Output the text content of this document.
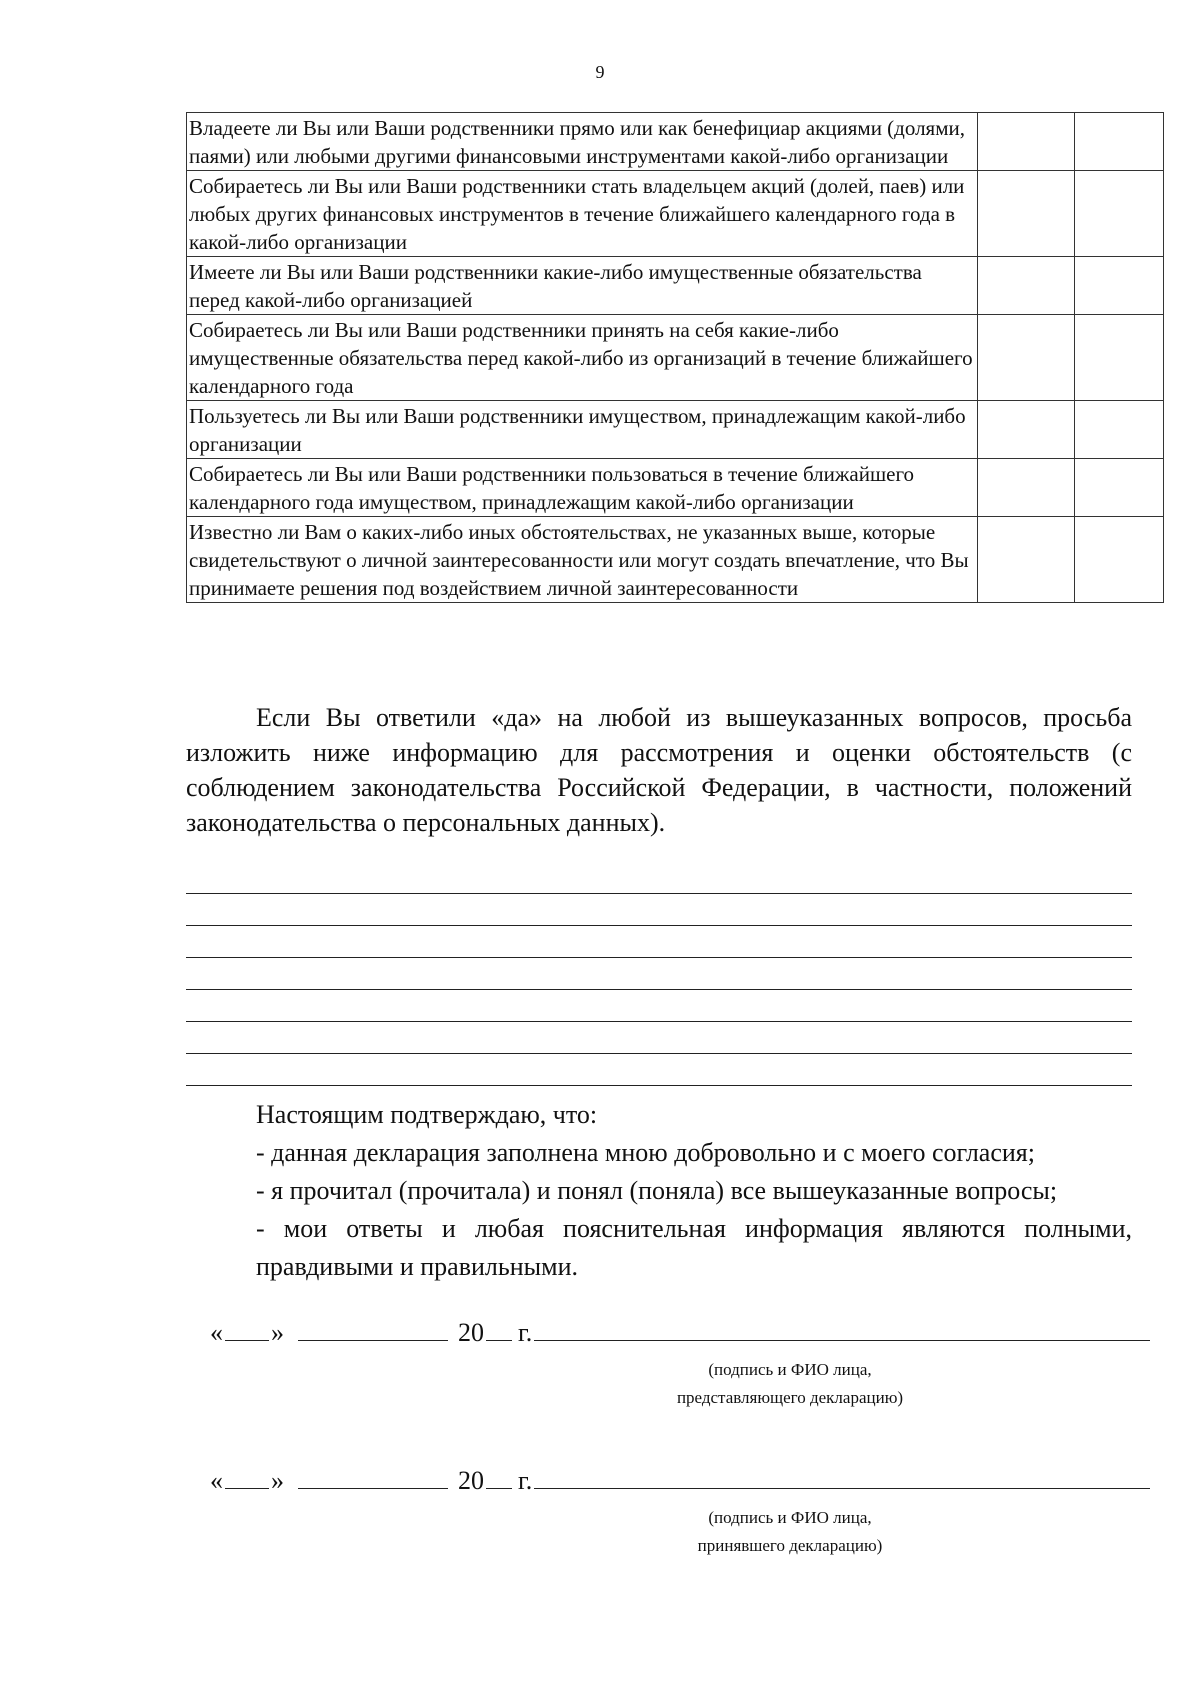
9
Владеете ли Вы или Ваши родственники прямо или как бенефициар акциями (долями, паями) или любыми другими финансовыми инструментами какой-либо организации		
Собираетесь ли Вы или Ваши родственники стать владельцем акций (долей, паев) или любых других финансовых инструментов в течение ближайшего календарного года в какой-либо организации		
Имеете ли Вы или Ваши родственники какие-либо имущественные обязательства перед какой-либо организацией		
Собираетесь ли Вы или Ваши родственники принять на себя какие-либо имущественные обязательства перед какой-либо из организаций в течение ближайшего календарного года		
Пользуетесь ли Вы или Ваши родственники имуществом, принадлежащим какой-либо организации		
Собираетесь ли Вы или Ваши родственники пользоваться в течение ближайшего календарного года имуществом, принадлежащим какой-либо организации		
Известно ли Вам о каких-либо иных обстоятельствах, не указанных выше, которые свидетельствуют о личной заинтересованности или могут создать впечатление, что Вы принимаете решения под воздействием личной заинтересованности		
Если Вы ответили «да» на любой из вышеуказанных вопросов, просьба изложить ниже информацию для рассмотрения и оценки обстоятельств (с соблюдением законодательства Российской Федерации, в частности, положений законодательства о персональных данных).
Настоящим подтверждаю, что:
- данная декларация заполнена мною добровольно и с моего согласия;
- я прочитал (прочитала) и понял (поняла) все вышеуказанные вопросы;
- мои ответы и любая пояснительная информация являются полными, правдивыми и правильными.
« »	20 г.
(подпись и ФИО лица,
представляющего декларацию)
« »	20 г.
(подпись и ФИО лица,
принявшего декларацию)
